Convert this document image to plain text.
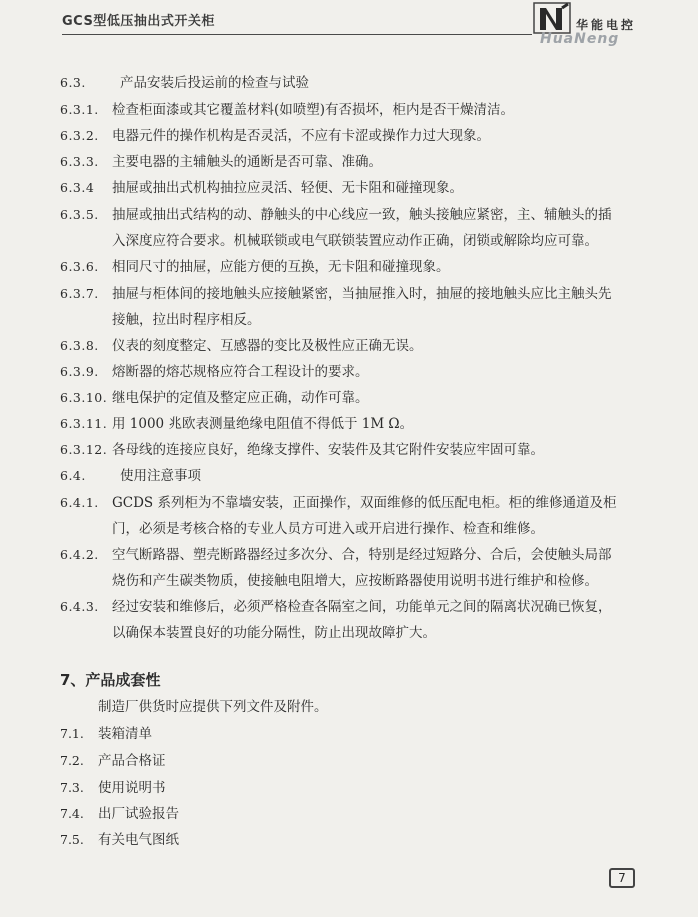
GCS型低压抽出式开关柜	华能电控
HuaNeng
6.3.	产品安装后投运前的检查与试验
6.3.1. 检查柜面漆或其它覆盖材料(如喷塑)有否损坏，柜内是否干燥清洁。
6.3.2. 电器元件的操作机构是否灵活，不应有卡涩或操作力过大现象。
6.3.3. 主要电器的主辅触头的通断是否可靠、准确。
6.3.4 抽屉或抽出式机构抽拉应灵活、轻便、无卡阻和碰撞现象。
6.3.5. 抽屉或抽出式结构的动、静触头的中心线应一致，触头接触应紧密，主、辅触头的插
入深度应符合要求。机械联锁或电气联锁装置应动作正确，闭锁或解除均应可靠。
6.3.6. 相同尺寸的抽屉，应能方便的互换，无卡阻和碰撞现象。
6.3.7. 抽屉与柜体间的接地触头应接触紧密，当抽屉推入时，抽屉的接地触头应比主触头先
接触，拉出时程序相反。
6.3.8. 仪表的刻度整定、互感器的变比及极性应正确无误。
6.3.9. 熔断器的熔芯规格应符合工程设计的要求。
6.3.10. 继电保护的定值及整定应正确，动作可靠。
6.3.11. 用 1000 兆欧表测量绝缘电阻值不得低于 1M Ω。
6.3.12. 各母线的连接应良好，绝缘支撑件、安装件及其它附件安装应牢固可靠。
6.4.	使用注意事项
6.4.1. GCDS 系列柜为不靠墙安装，正面操作，双面维修的低压配电柜。柜的维修通道及柜
门，必须是考核合格的专业人员方可进入或开启进行操作、检查和维修。
6.4.2. 空气断路器、塑壳断路器经过多次分、合，特别是经过短路分、合后，会使触头局部
烧伤和产生碳类物质，使接触电阻增大，应按断路器使用说明书进行维护和检修。
6.4.3. 经过安装和维修后，必须严格检查各隔室之间，功能单元之间的隔离状况确已恢复，
以确保本装置良好的功能分隔性，防止出现故障扩大。
7、产品成套性
制造厂供货时应提供下列文件及附件。
7.1. 装箱清单
7.2. 产品合格证
7.3. 使用说明书
7.4. 出厂试验报告
7.5. 有关电气图纸
7
